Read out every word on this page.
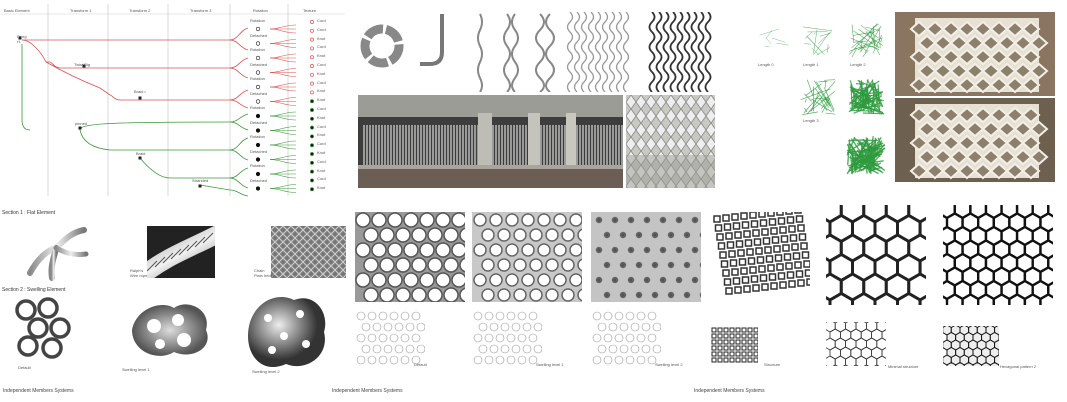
Basic Element	Transform 1	Transform 2	Transform 3	Rotation	Texture
Pmrg
r1
Twist Big
Braid r
pinned
Braid
Stranded
Rotation
Detached
Rotation
Detached
Rotation
Detached
Rotation
Detached
Rotation
Detached
Rotation
Detached
Cord
Cord
Knot
Cord
Knot
Cord
Knot
Cord
Knot
Knot
Cord
Knot
Cord
Knot
Cord
Knot
Cord
Knot
Cord
Knot
Section 1 : Flat Element
Section 2 : Swelling Element
Ralph's
Wire rope
Chain
Plain hedge
Default	Swelling level 1	Swelling level 2
Independent Members Systems
Default	Swelling level 1	Swelling level 2	Structure
Independent Members Systems
Length 0	Length 1	Length 2
Length 3
Minimal structure	Hexagonal pattern 2
Independent Members Systems
